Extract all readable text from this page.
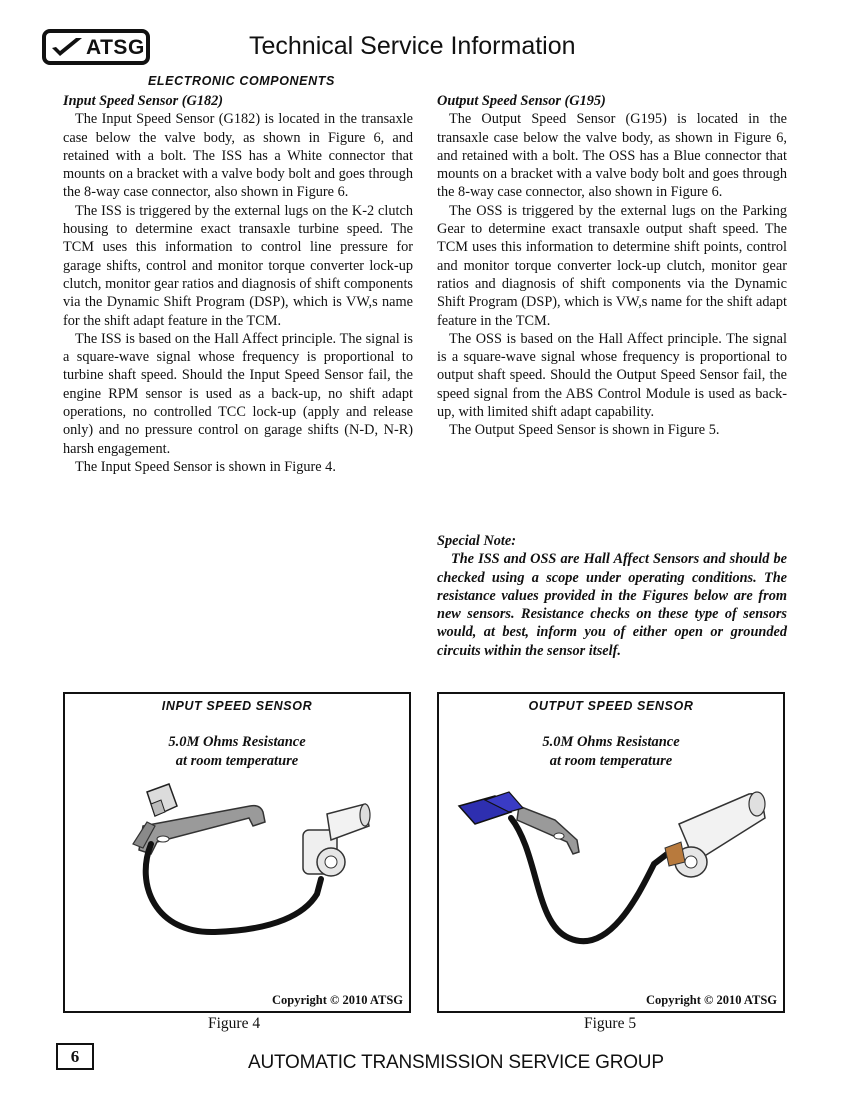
ATSG	Technical Service Information
ELECTRONIC COMPONENTS
Input Speed Sensor (G182)

The Input Speed Sensor (G182) is located in the transaxle case below the valve body, as shown in Figure 6, and retained with a bolt. The ISS has a White connector that mounts on a bracket with a valve body bolt and goes through the 8-way case connector, also shown in Figure 6.

The ISS is triggered by the external lugs on the K-2 clutch housing to determine exact transaxle turbine speed. The TCM uses this information to control line pressure for garage shifts, control and monitor torque converter lock-up clutch, monitor gear ratios and diagnosis of shift components via the Dynamic Shift Program (DSP), which is VW,s name for the shift adapt feature in the TCM.

The ISS is based on the Hall Affect principle. The signal is a square-wave signal whose frequency is proportional to turbine shaft speed. Should the Input Speed Sensor fail, the engine RPM sensor is used as a back-up, no shift adapt operations, no controlled TCC lock-up (apply and release only) and no pressure control on garage shifts (N-D, N-R) harsh engagement.

The Input Speed Sensor is shown in Figure 4.

Output Speed Sensor (G195)

The Output Speed Sensor (G195) is located in the transaxle case below the valve body, as shown in Figure 6, and retained with a bolt. The OSS has a Blue connector that mounts on a bracket with a valve body bolt and goes through the 8-way case connector, also shown in Figure 6.

The OSS is triggered by the external lugs on the Parking Gear to determine exact transaxle output shaft speed. The TCM uses this information to determine shift points, control and monitor torque converter lock-up clutch, monitor gear ratios and diagnosis of shift components via the Dynamic Shift Program (DSP), which is VW,s name for the shift adapt feature in the TCM.

The OSS is based on the Hall Affect principle. The signal is a square-wave signal whose frequency is proportional to output shaft speed. Should the Output Speed Sensor fail, the speed signal from the ABS Control Module is used as back-up, with limited shift adapt capability.

The Output Speed Sensor is shown in Figure 5.

Special Note:

The ISS and OSS are Hall Affect Sensors and should be checked using a scope under operating conditions. The resistance values provided in the Figures below are from new sensors. Resistance checks on these type of sensors would, at best, inform you of either open or grounded circuits within the sensor itself.

INPUT SPEED SENSOR
5.0M Ohms Resistance
at room temperature
Copyright © 2010 ATSG
OUTPUT SPEED SENSOR
5.0M Ohms Resistance
at room temperature
Copyright © 2010 ATSG
Figure 4	Figure 5
6	AUTOMATIC TRANSMISSION SERVICE GROUP
